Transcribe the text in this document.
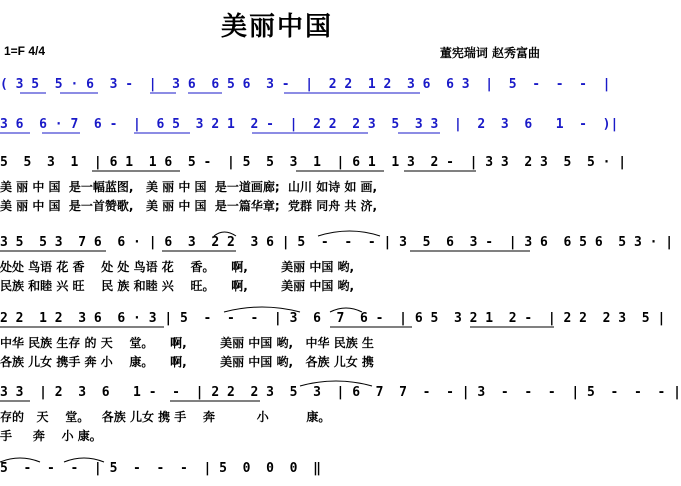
美丽中国
1=F 4/4	董宪瑞词 赵秀富曲
( 3 5  5 · 6  3 -  |  3 6  6 5 6  3 -  |  2 2  1 2  3 6  6 3  |  5  -  -  -  |
3 6  6 · 7  6 -  |  6 5  3 2 1  2 -  |  2 2  2 3  5  3 3  |  2  3  6   1  -  )|
5  5  3  1  | 6 1  1 6  5 -  | 5  5  3  1  | 6 1  1 3  2 -  | 3 3  2 3  5  5 · |
美 丽 中 国  是一幅蓝图,   美 丽 中 国  是一道画廊;  山川 如诗 如 画,
美 丽 中 国  是一首赞歌,   美 丽 中 国  是一篇华章;  党群 同舟 共 济,
3 5  5 3  7 6  6 · | 6  3  2 2  3 6 | 5  -  -  - | 3  5  6  3 -  | 3 6  6 5 6  5 3 · |
处处 鸟语 花 香    处 处 鸟语 花    香。    啊,        美丽 中国 哟,
民族 和睦 兴 旺    民 族 和睦 兴    旺。    啊,        美丽 中国 哟,
2 2  1 2  3 6  6 · 3 | 5  -  -  -  | 3  6  7  6 -  | 6 5  3 2 1  2 -  | 2 2  2 3  5 |
中华 民族 生存 的 天    堂。    啊,        美丽 中国 哟,   中华 民族 生
各族 儿女 携手 奔 小    康。    啊,        美丽 中国 哟,   各族 儿女 携
3 3  | 2  3  6   1 -  -  | 2 2  2 3  5  3  | 6  7  7  -  - | 3  -  -  -  | 5  -  -  - |
存的   天    堂。   各族 儿女 携 手    奔          小         康。
手     奔    小 康。
5  -  -  -  | 5  -  -  -  | 5  0  0  0  ‖
